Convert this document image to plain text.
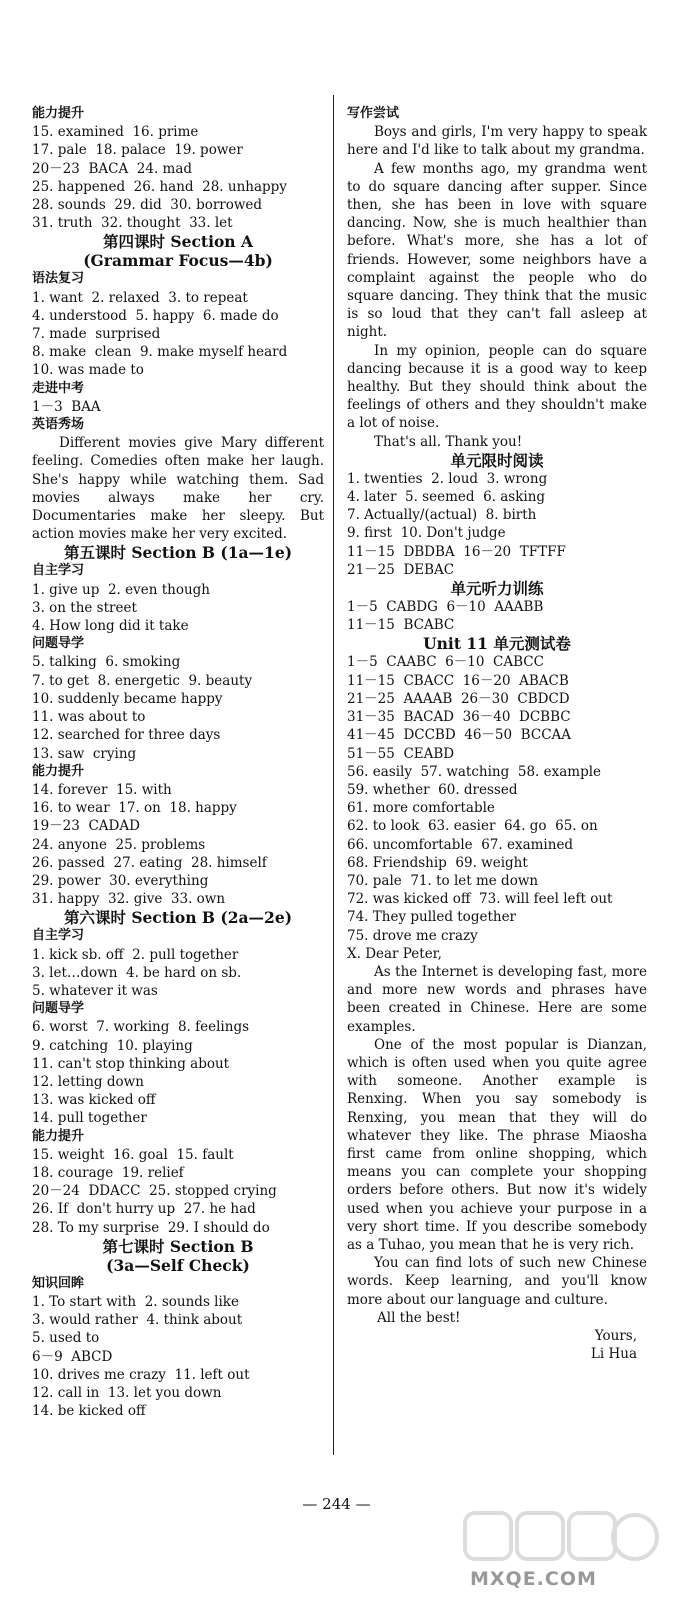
能力提升
15. examined  16. prime
17. pale  18. palace  19. power
20－23  BACA  24. mad
25. happened  26. hand  28. unhappy
28. sounds  29. did  30. borrowed
31. truth  32. thought  33. let
第四课时 Section A
(Grammar Focus—4b)
语法复习
1. want  2. relaxed  3. to repeat
4. understood  5. happy  6. made do
7. made  surprised
8. make  clean  9. make myself heard
10. was made to
走进中考
1－3  BAA
英语秀场
Different movies give Mary different feeling. Comedies often make her laugh. She's happy while watching them. Sad movies always make her cry. Documentaries make her sleepy. But action movies make her very excited.
第五课时 Section B (1a—1e)
自主学习
1. give up  2. even though
3. on the street
4. How long did it take
问题导学
5. talking  6. smoking
7. to get  8. energetic  9. beauty
10. suddenly became happy
11. was about to
12. searched for three days
13. saw  crying
能力提升
14. forever  15. with
16. to wear  17. on  18. happy
19－23  CADAD
24. anyone  25. problems
26. passed  27. eating  28. himself
29. power  30. everything
31. happy  32. give  33. own
第六课时 Section B (2a—2e)
自主学习
1. kick sb. off  2. pull together
3. let…down  4. be hard on sb.
5. whatever it was
问题导学
6. worst  7. working  8. feelings
9. catching  10. playing
11. can't stop thinking about
12. letting down
13. was kicked off
14. pull together
能力提升
15. weight  16. goal  15. fault
18. courage  19. relief
20－24  DDACC  25. stopped crying
26. If  don't hurry up  27. he had
28. To my surprise  29. I should do
第七课时 Section B
(3a—Self Check)
知识回眸
1. To start with  2. sounds like
3. would rather  4. think about
5. used to
6－9  ABCD
10. drives me crazy  11. left out
12. call in  13. let you down
14. be kicked off
写作尝试
Boys and girls, I'm very happy to speak here and I'd like to talk about my grandma.
A few months ago, my grandma went to do square dancing after supper. Since then, she has been in love with square dancing. Now, she is much healthier than before. What's more, she has a lot of friends. However, some neighbors have a complaint against the people who do square dancing. They think that the music is so loud that they can't fall asleep at night.
In my opinion, people can do square dancing because it is a good way to keep healthy. But they should think about the feelings of others and they shouldn't make a lot of noise.
That's all. Thank you!
单元限时阅读
1. twenties  2. loud  3. wrong
4. later  5. seemed  6. asking
7. Actually/(actual)  8. birth
9. first  10. Don't judge
11－15  DBDBA  16－20  TFTFF
21－25  DEBAC
单元听力训练
1－5  CABDG  6－10  AAABB
11－15  BCABC
Unit 11 单元测试卷
1－5  CAABC  6－10  CABCC
11－15  CBACC  16－20  ABACB
21－25  AAAAB  26－30  CBDCD
31－35  BACAD  36－40  DCBBC
41－45  DCCBD  46－50  BCCAA
51－55  CEABD
56. easily  57. watching  58. example
59. whether  60. dressed
61. more comfortable
62. to look  63. easier  64. go  65. on
66. uncomfortable  67. examined
68. Friendship  69. weight
70. pale  71. to let me down
72. was kicked off  73. will feel left out
74. They pulled together
75. drove me crazy
Ⅹ. Dear Peter,
As the Internet is developing fast, more and more new words and phrases have been created in Chinese. Here are some examples.
One of the most popular is Dianzan, which is often used when you quite agree with someone. Another example is Renxing. When you say somebody is Renxing, you mean that they will do whatever they like. The phrase Miaosha first came from online shopping, which means you can complete your shopping orders before others. But now it's widely used when you achieve your purpose in a very short time. If you describe somebody as a Tuhao, you mean that he is very rich.
You can find lots of such new Chinese words. Keep learning, and you'll know more about our language and culture.
All the best!
Yours,
Li Hua
— 244 —
MXQE.COM
